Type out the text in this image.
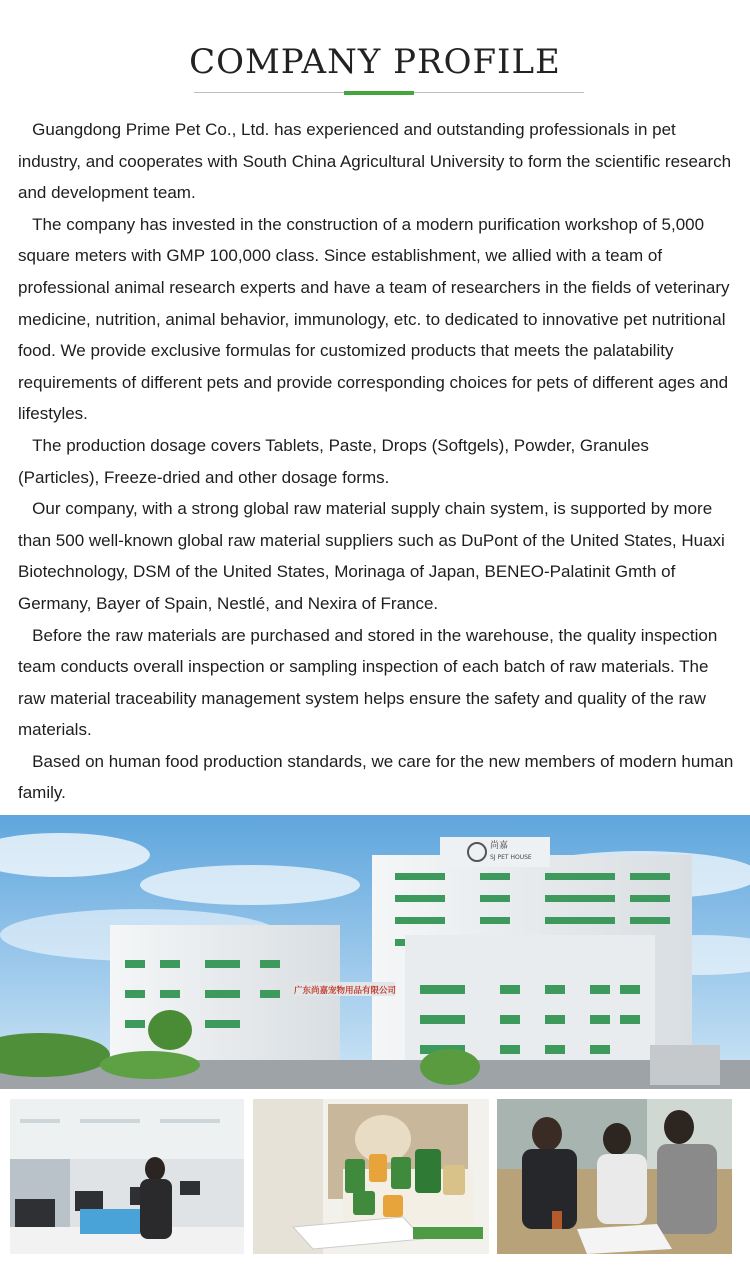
COMPANY PROFILE

Guangdong Prime Pet Co., Ltd. has experienced and outstanding professionals in pet industry, and cooperates with South China Agricultural University to form the scientific research and development team.

The company has invested in the construction of a modern purification workshop of 5,000 square meters with GMP 100,000 class. Since establishment, we allied with a team of professional animal research experts and have a team of researchers in the fields of veterinary medicine, nutrition, animal behavior, immunology, etc. to dedicated to innovative pet nutritional food. We provide exclusive formulas for customized products that meets the palatability requirements of different pets and provide corresponding choices for pets of different ages and lifestyles.

The production dosage covers Tablets, Paste, Drops (Softgels), Powder, Granules (Particles), Freeze-dried and other dosage forms.

Our company, with a strong global raw material supply chain system, is supported by more than 500 well-known global raw material suppliers such as DuPont of the United States, Huaxi Biotechnology, DSM of the United States, Morinaga of Japan, BENEO-Palatinit Gmth of Germany, Bayer of Spain, Nestlé, and Nexira of France.

Before the raw materials are purchased and stored in the warehouse, the quality inspection team conducts overall inspection or sampling inspection of each batch of raw materials. The raw material traceability management system helps ensure the safety and quality of the raw materials.

Based on human food production standards, we care for the new members of modern human family.

尚嘉
SJ PET HOUSE
广东尚嘉宠物用品有限公司
